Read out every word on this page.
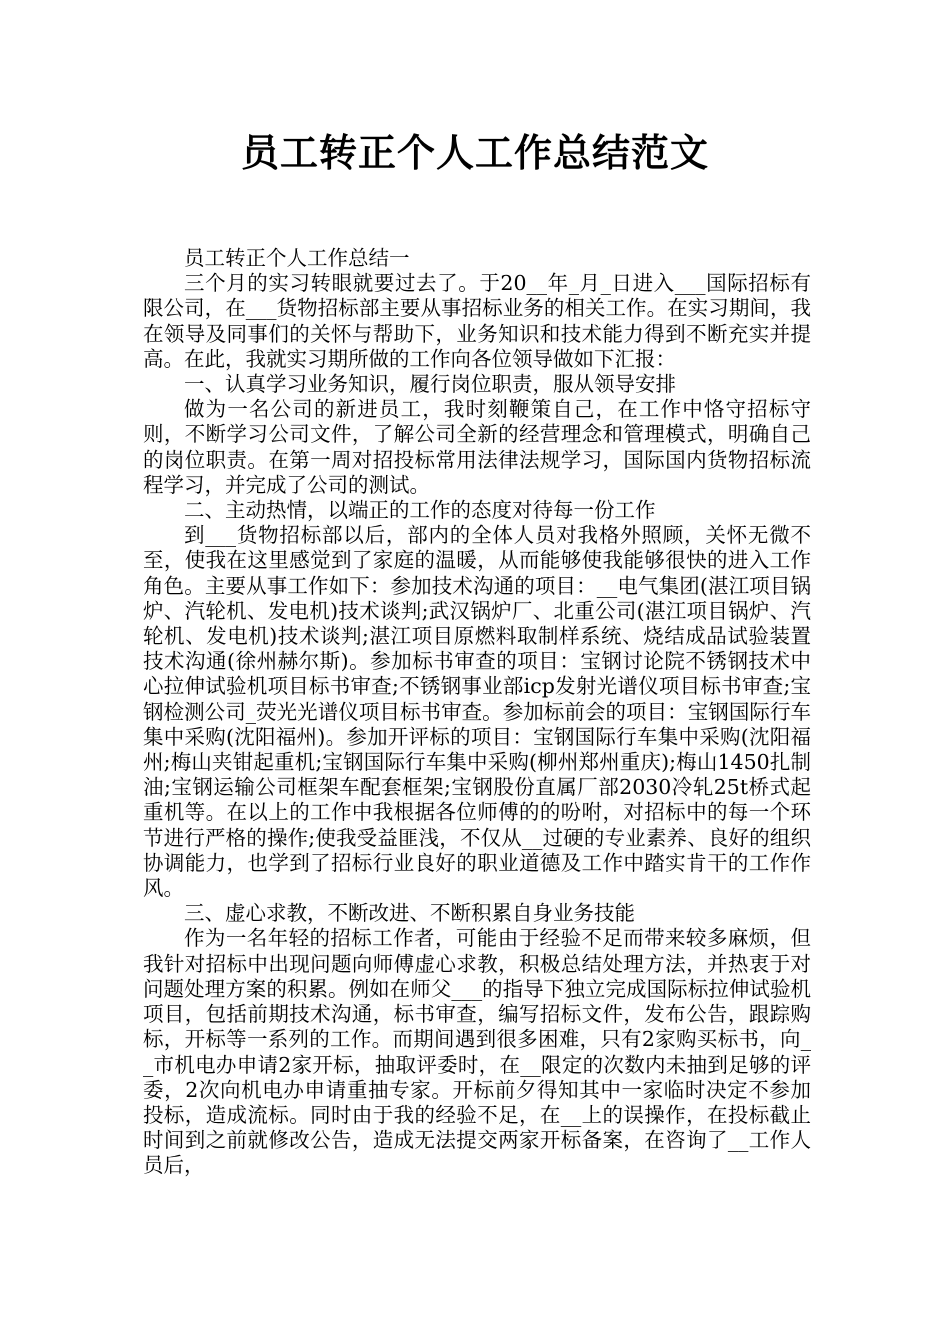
员工转正个人工作总结范文

员工转正个人工作总结一

三个月的实习转眼就要过去了。于20__年_月_日进入___国际招标有限公司，在___货物招标部主要从事招标业务的相关工作。在实习期间，我在领导及同事们的关怀与帮助下，业务知识和技术能力得到不断充实并提高。在此，我就实习期所做的工作向各位领导做如下汇报：

一、认真学习业务知识，履行岗位职责，服从领导安排

做为一名公司的新进员工，我时刻鞭策自己，在工作中恪守招标守则，不断学习公司文件，了解公司全新的经营理念和管理模式，明确自己的岗位职责。在第一周对招投标常用法律法规学习，国际国内货物招标流程学习，并完成了公司的测试。

二、主动热情，以端正的工作的态度对待每一份工作

到___货物招标部以后，部内的全体人员对我格外照顾，关怀无微不至，使我在这里感觉到了家庭的温暖，从而能够使我能够很快的进入工作角色。主要从事工作如下：参加技术沟通的项目：__电气集团(湛江项目锅炉、汽轮机、发电机)技术谈判;武汉锅炉厂、北重公司(湛江项目锅炉、汽轮机、发电机)技术谈判;湛江项目原燃料取制样系统、烧结成品试验装置技术沟通(徐州赫尔斯)。参加标书审查的项目：宝钢讨论院不锈钢技术中心拉伸试验机项目标书审查;不锈钢事业部icp发射光谱仪项目标书审查;宝钢检测公司_荧光光谱仪项目标书审查。参加标前会的项目：宝钢国际行车集中采购(沈阳福州)。参加开评标的项目：宝钢国际行车集中采购(沈阳福州;梅山夹钳起重机;宝钢国际行车集中采购(柳州郑州重庆);梅山1450扎制油;宝钢运输公司框架车配套框架;宝钢股份直属厂部2030冷轧25t桥式起重机等。在以上的工作中我根据各位师傅的的吩咐，对招标中的每一个环节进行严格的操作;使我受益匪浅，不仅从__过硬的专业素养、良好的组织协调能力，也学到了招标行业良好的职业道德及工作中踏实肯干的工作作风。

三、虚心求教，不断改进、不断积累自身业务技能

作为一名年轻的招标工作者，可能由于经验不足而带来较多麻烦，但我针对招标中出现问题向师傅虚心求教，积极总结处理方法，并热衷于对问题处理方案的积累。例如在师父___的指导下独立完成国际标拉伸试验机项目，包括前期技术沟通，标书审查，编写招标文件，发布公告，跟踪购标，开标等一系列的工作。而期间遇到很多困难，只有2家购买标书，向__市机电办申请2家开标，抽取评委时，在__限定的次数内未抽到足够的评委，2次向机电办申请重抽专家。开标前夕得知其中一家临时决定不参加投标，造成流标。同时由于我的经验不足，在__上的误操作，在投标截止时间到之前就修改公告，造成无法提交两家开标备案，在咨询了__工作人员后，
